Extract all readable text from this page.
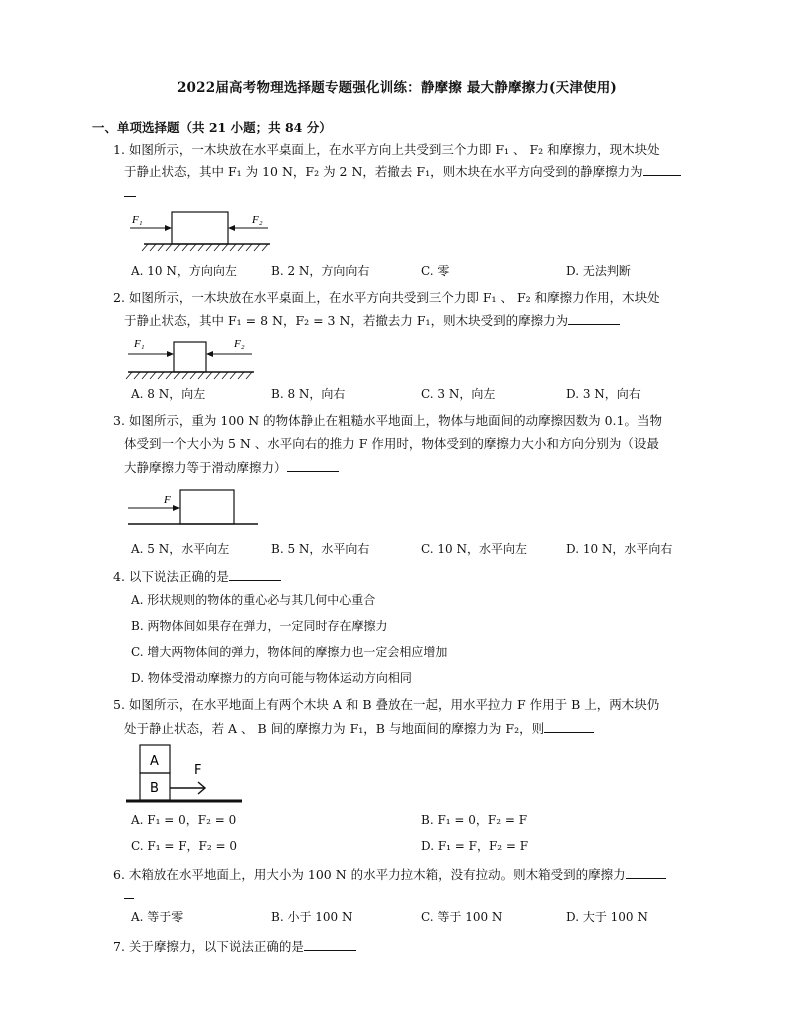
2022届高考物理选择题专题强化训练：静摩擦 最大静摩擦力(天津使用)
一、单项选择题（共 21 小题；共 84 分）
1. 如图所示，一木块放在水平桌面上，在水平方向上共受到三个力即 F₁ 、 F₂ 和摩擦力，现木块处
于静止状态，其中 F₁ 为 10 N，F₂ 为 2 N，若撤去 F₁，则木块在水平方向受到的静摩擦力为
F₁	F₂
A. 10 N，方向向左	B. 2 N，方向向右	C. 零	D. 无法判断
2. 如图所示，一木块放在水平桌面上，在水平方向共受到三个力即 F₁ 、 F₂ 和摩擦力作用，木块处
于静止状态，其中 F₁ = 8 N，F₂ = 3 N，若撤去力 F₁，则木块受到的摩擦力为
F₁	F₂
A. 8 N，向左	B. 8 N，向右	C. 3 N，向左	D. 3 N，向右
3. 如图所示，重为 100 N 的物体静止在粗糙水平地面上，物体与地面间的动摩擦因数为 0.1。当物
体受到一个大小为 5 N 、水平向右的推力 F 作用时，物体受到的摩擦力大小和方向分别为（设最
大静摩擦力等于滑动摩擦力）
F
A. 5 N，水平向左	B. 5 N，水平向右	C. 10 N，水平向左	D. 10 N，水平向右
4. 以下说法正确的是
A. 形状规则的物体的重心必与其几何中心重合
B. 两物体间如果存在弹力，一定同时存在摩擦力
C. 增大两物体间的弹力，物体间的摩擦力也一定会相应增加
D. 物体受滑动摩擦力的方向可能与物体运动方向相同
5. 如图所示，在水平地面上有两个木块 A 和 B 叠放在一起，用水平拉力 F 作用于 B 上，两木块仍
处于静止状态，若 A 、 B 间的摩擦力为 F₁，B 与地面间的摩擦力为 F₂，则
A
B
F
A. F₁ = 0，F₂ = 0	B. F₁ = 0，F₂ = F
C. F₁ = F，F₂ = 0	D. F₁ = F，F₂ = F
6. 木箱放在水平地面上，用大小为 100 N 的水平力拉木箱，没有拉动。则木箱受到的摩擦力
A. 等于零	B. 小于 100 N	C. 等于 100 N	D. 大于 100 N
7. 关于摩擦力，以下说法正确的是
